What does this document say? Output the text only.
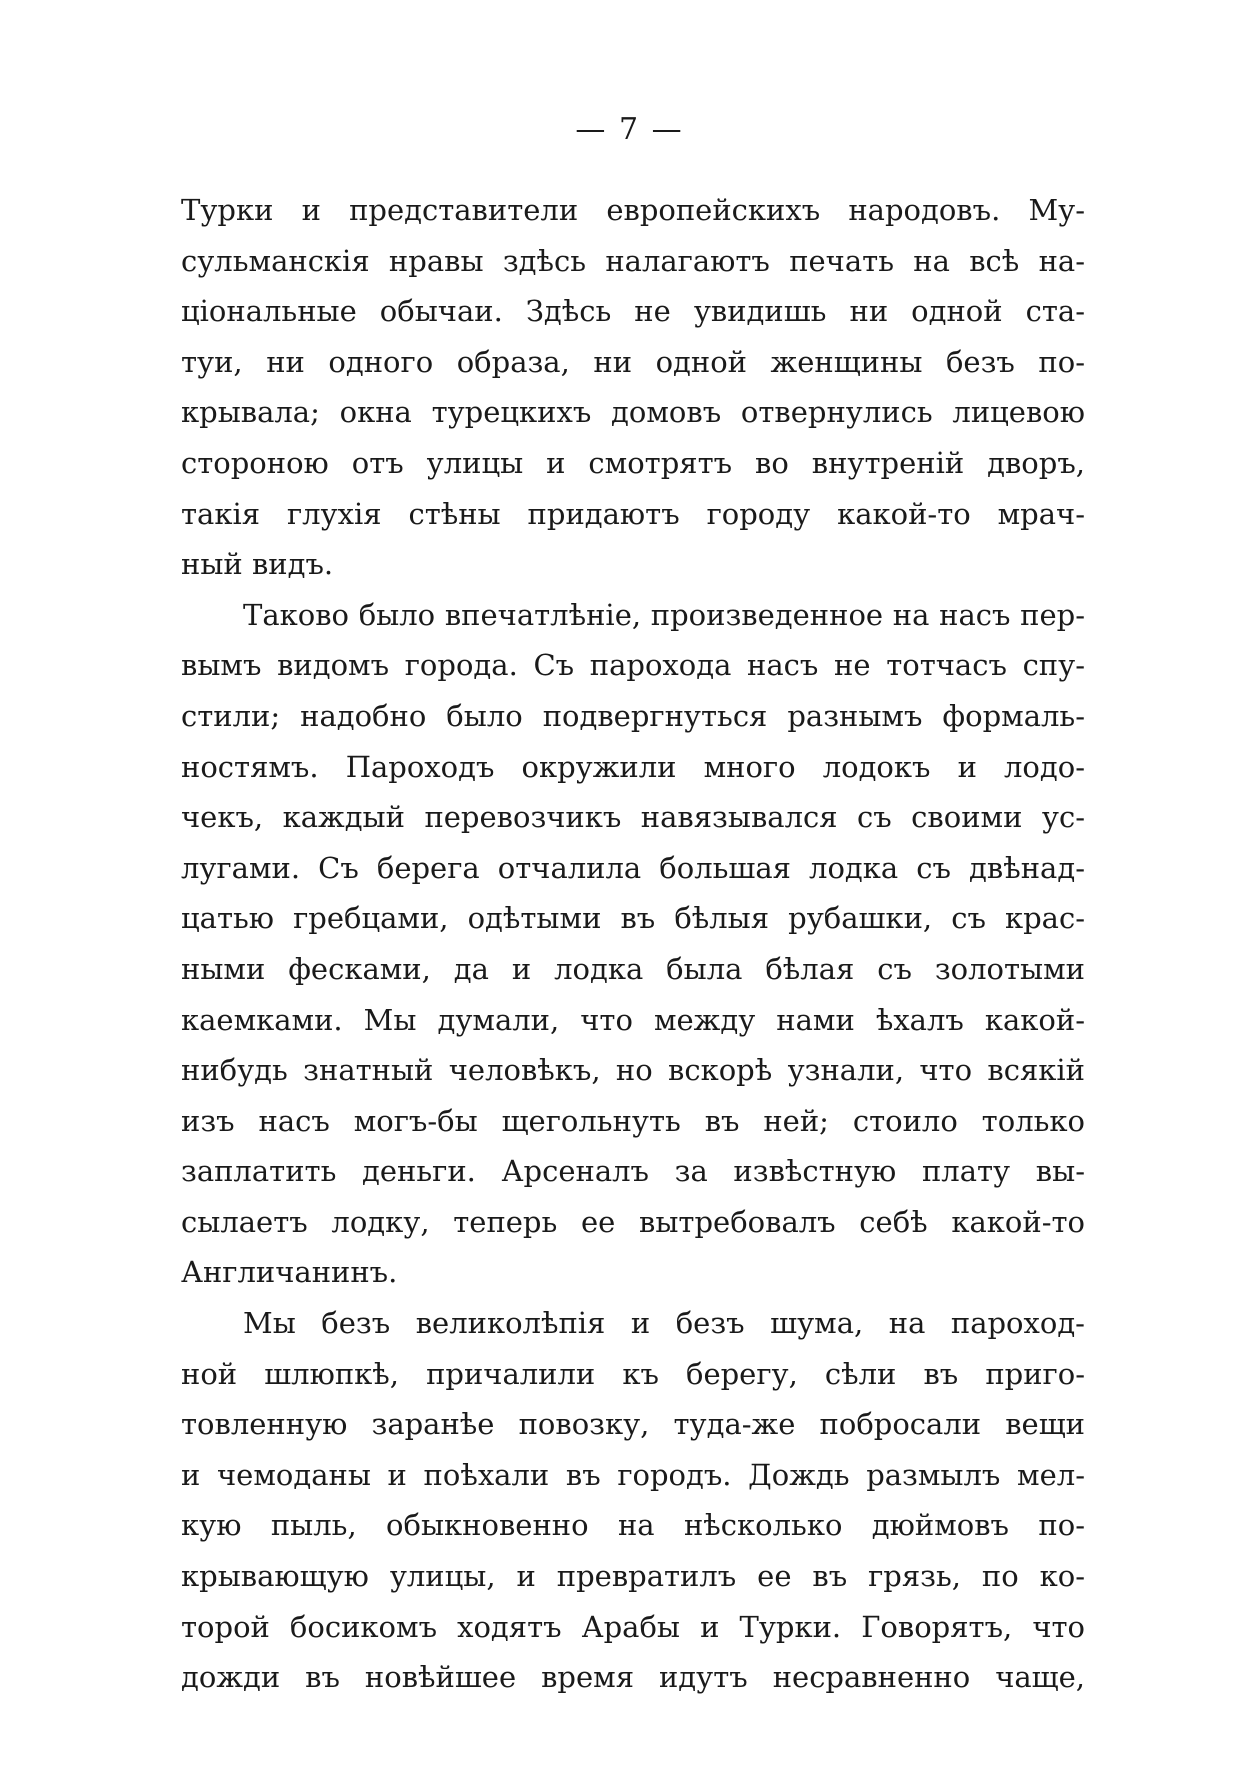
— 7 —
Турки и представители европейскихъ народовъ. Му-
сульманскія нравы здѣсь налагаютъ печать на всѣ на-
ціональные обычаи. Здѣсь не увидишь ни одной ста-
туи, ни одного образа, ни одной женщины безъ по-
крывала; окна турецкихъ домовъ отвернулись лицевою
стороною отъ улицы и смотрятъ во внутреній дворъ,
такія глухія стѣны придаютъ городу какой-то мрач-
ный видъ.
Таково было впечатлѣніе, произведенное на насъ пер-
вымъ видомъ города. Съ парохода насъ не тотчасъ спу-
стили; надобно было подвергнуться разнымъ формаль-
ностямъ. Пароходъ окружили много лодокъ и лодо-
чекъ, каждый перевозчикъ навязывался съ своими ус-
лугами. Съ берега отчалила большая лодка съ двѣнад-
цатью гребцами, одѣтыми въ бѣлыя рубашки, съ крас-
ными фесками, да и лодка была бѣлая съ золотыми
каемками. Мы думали, что между нами ѣхалъ какой-
нибудь знатный человѣкъ, но вскорѣ узнали, что всякій
изъ насъ могъ-бы щегольнуть въ ней; стоило только
заплатить деньги. Арсеналъ за извѣстную плату вы-
сылаетъ лодку, теперь ее вытребовалъ себѣ какой-то
Англичанинъ.
Мы безъ великолѣпія и безъ шума, на пароход-
ной шлюпкѣ, причалили къ берегу, сѣли въ приго-
товленную заранѣе повозку, туда-же побросали вещи
и чемоданы и поѣхали въ городъ. Дождь размылъ мел-
кую пыль, обыкновенно на нѣсколько дюймовъ по-
крывающую улицы, и превратилъ ее въ грязь, по ко-
торой босикомъ ходятъ Арабы и Турки. Говорятъ, что
дожди въ новѣйшее время идутъ несравненно чаще,
